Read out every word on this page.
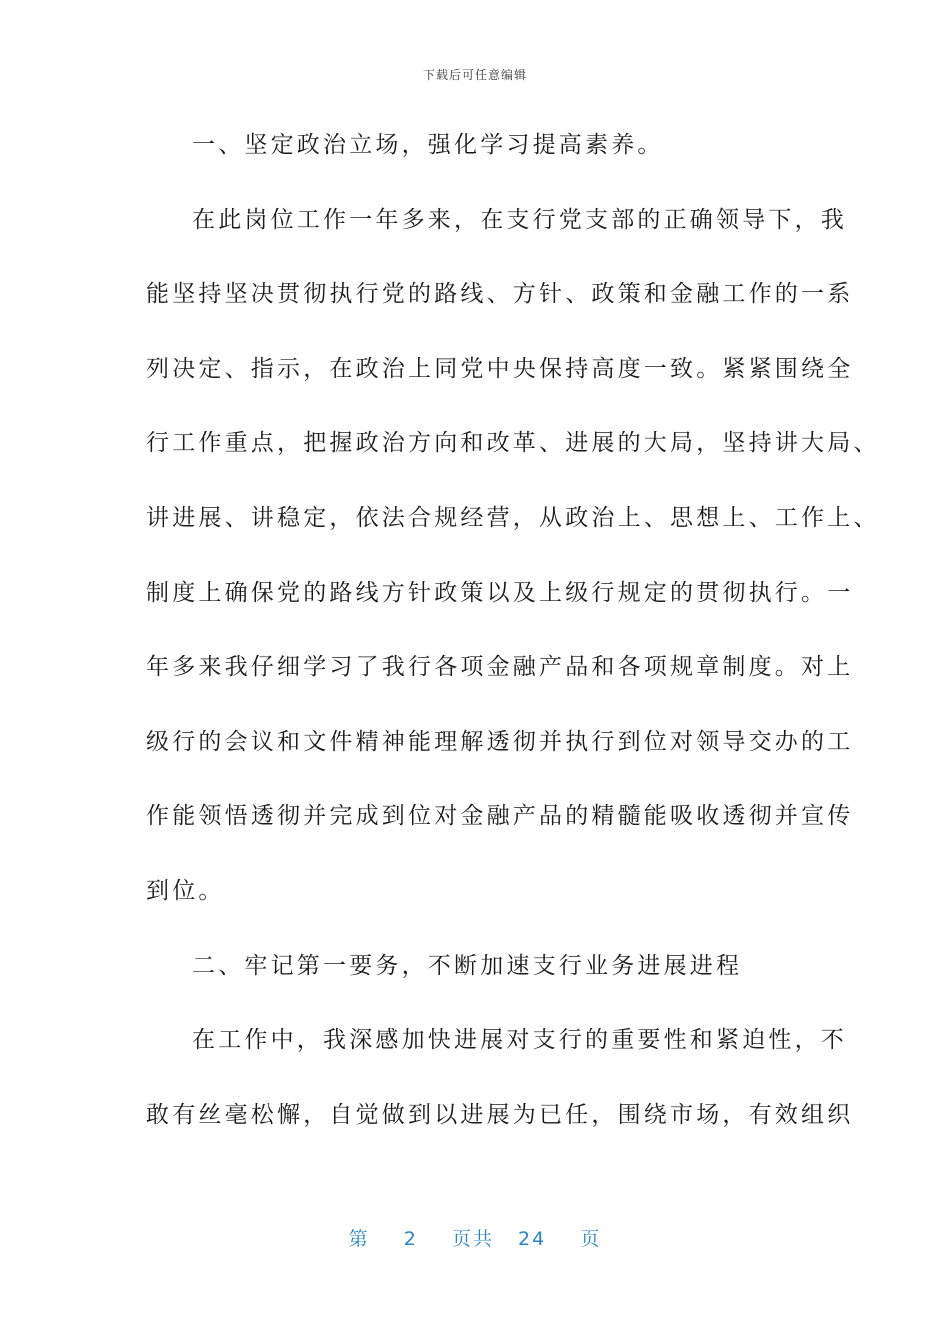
下载后可任意编辑
一、坚定政治立场，强化学习提高素养。
在此岗位工作一年多来，在支行党支部的正确领导下，我
能坚持坚决贯彻执行党的路线、方针、政策和金融工作的一系
列决定、指示，在政治上同党中央保持高度一致。紧紧围绕全
行工作重点，把握政治方向和改革、进展的大局，坚持讲大局、
讲进展、讲稳定，依法合规经营，从政治上、思想上、工作上、
制度上确保党的路线方针政策以及上级行规定的贯彻执行。一
年多来我仔细学习了我行各项金融产品和各项规章制度。对上
级行的会议和文件精神能理解透彻并执行到位对领导交办的工
作能领悟透彻并完成到位对金融产品的精髓能吸收透彻并宣传
到位。
二、牢记第一要务，不断加速支行业务进展进程
在工作中，我深感加快进展对支行的重要性和紧迫性，不
敢有丝毫松懈，自觉做到以进展为已任，围绕市场，有效组织
第 2 页共 24 页
